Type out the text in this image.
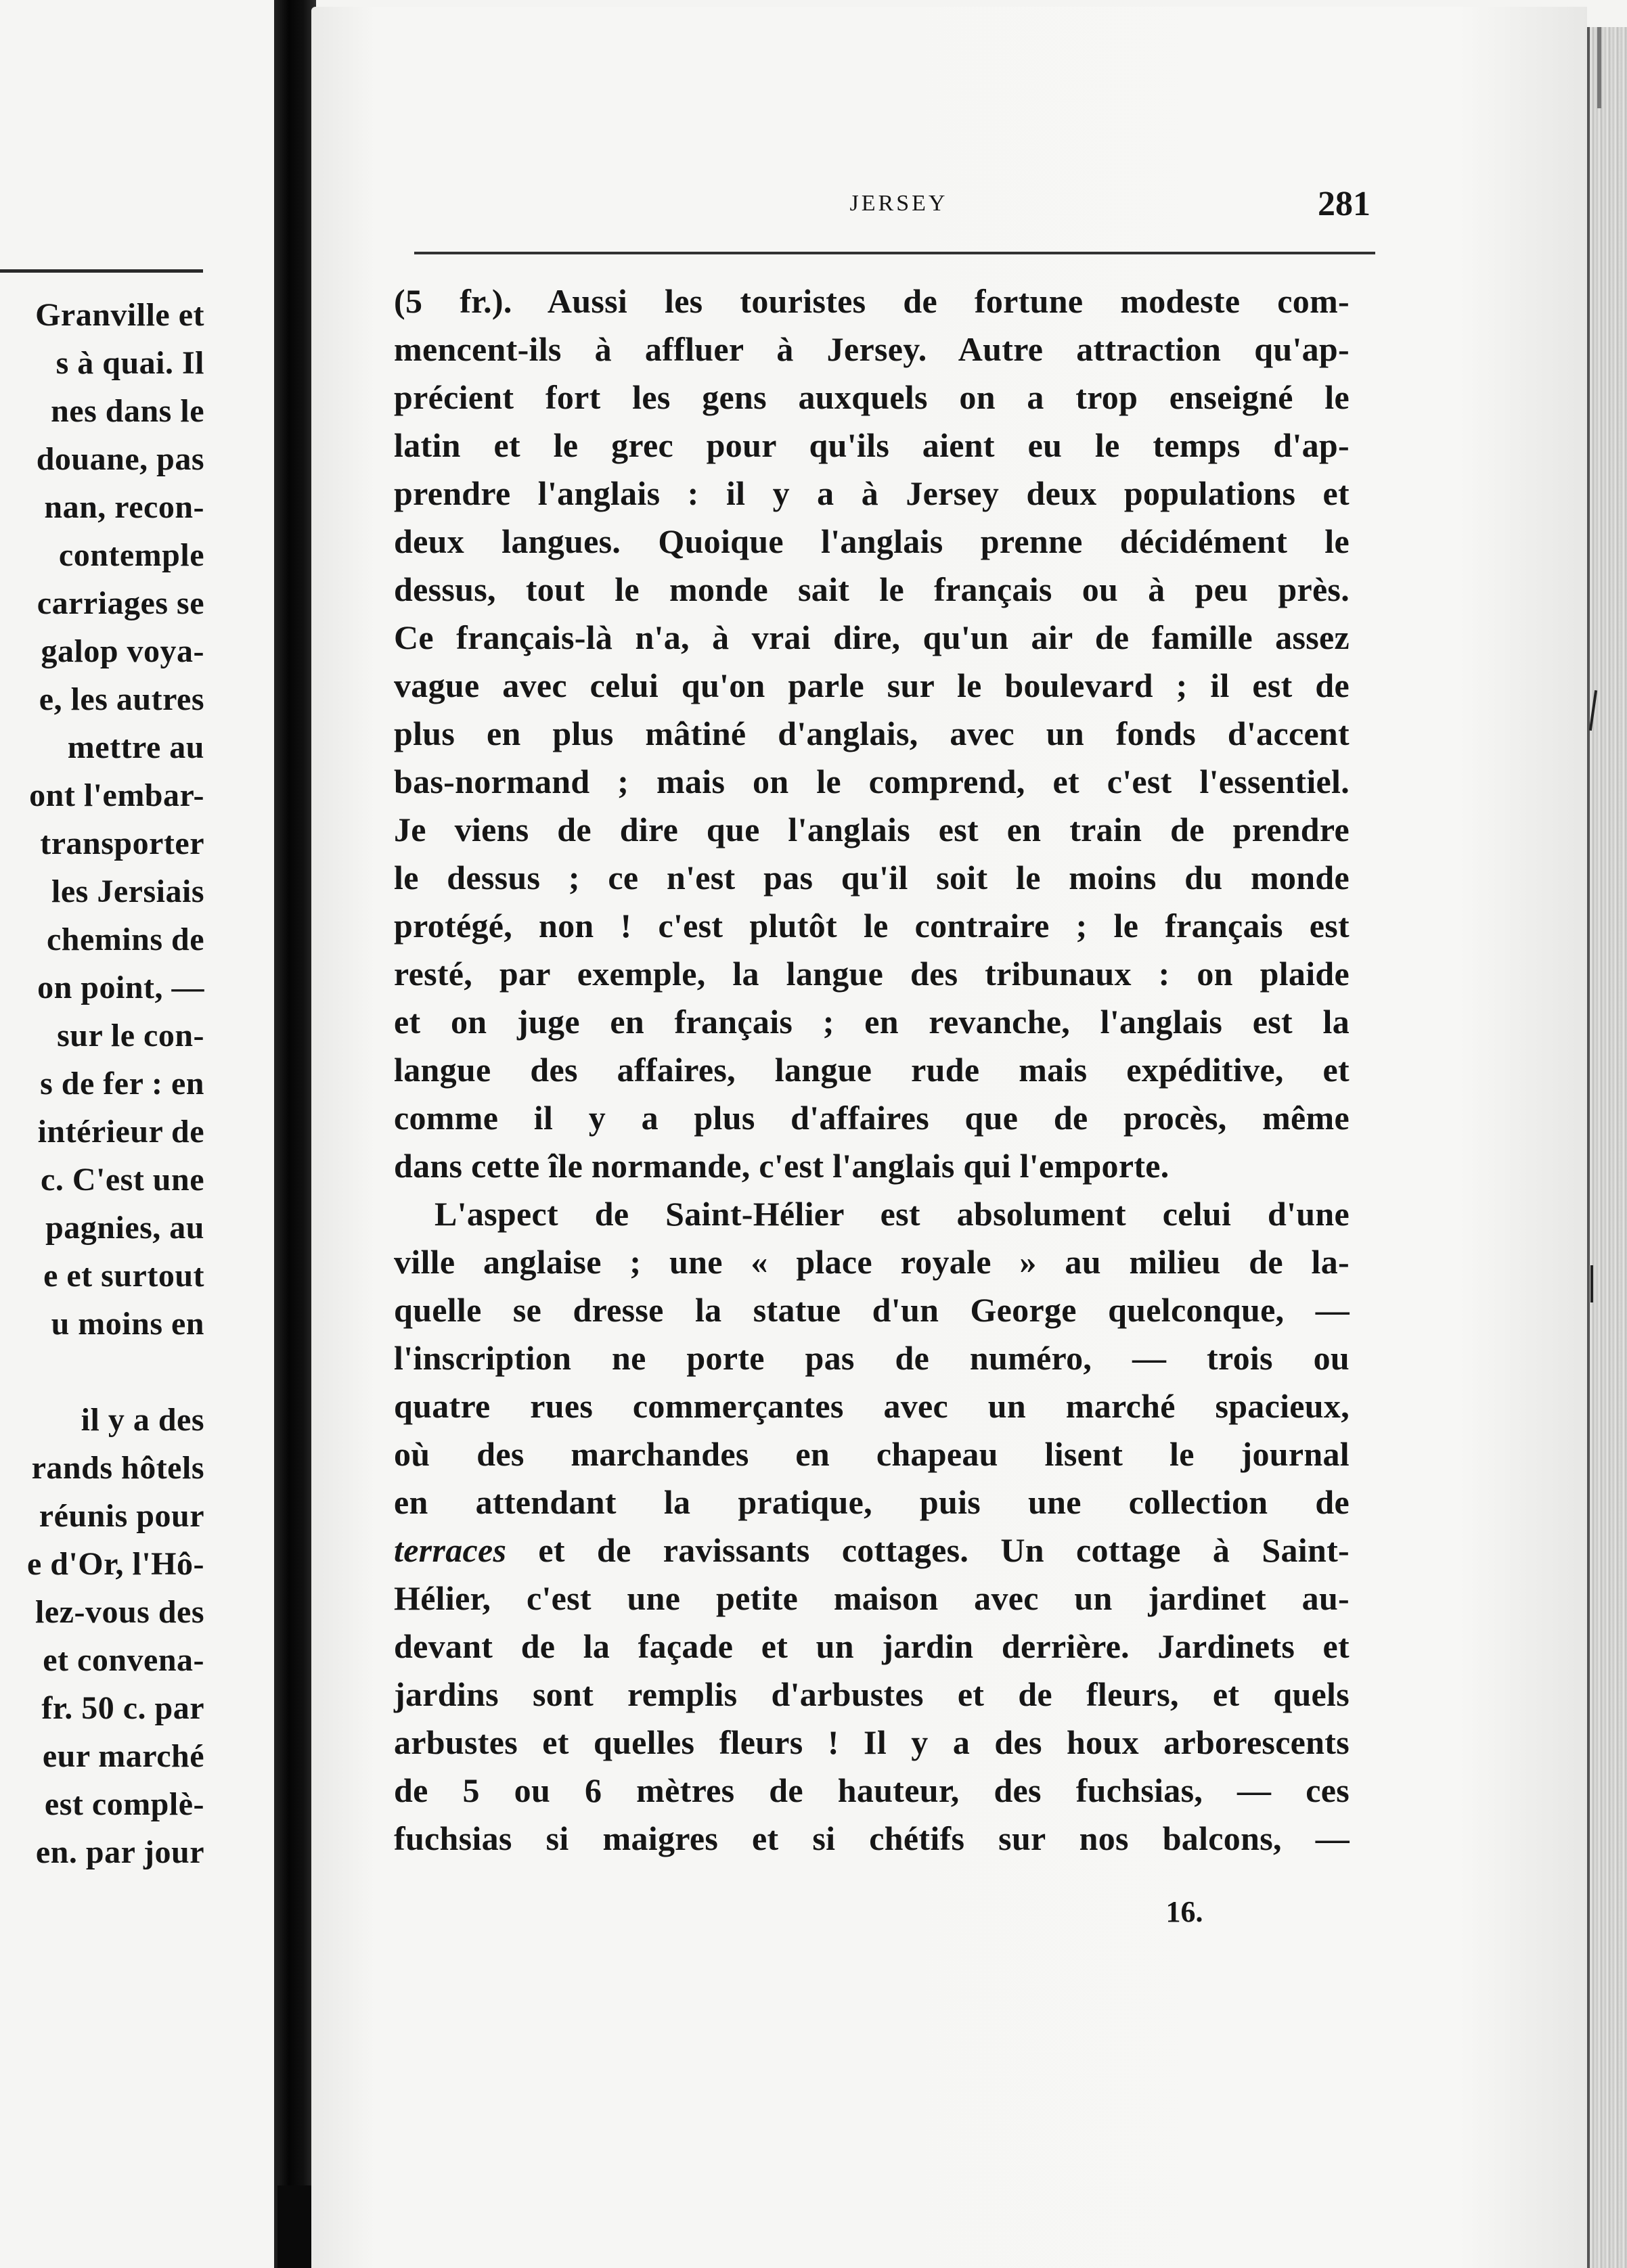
Granville et
s à quai. Il
nes dans le
douane, pas
nan, recon-
contemple
carriages se
galop voya-
e, les autres
mettre au
ont l'embar-
transporter
les Jersiais
chemins de
on point, —
sur le con-
s de fer : en
intérieur de
c. C'est une
pagnies, au
e et surtout
u moins en
il y a des
rands hôtels
réunis pour
e d'Or, l'Hô-
lez-vous des
et convena-
fr. 50 c. par
eur marché
est complè-
en. par jour
JERSEY	281
(5 fr.). Aussi les touristes de fortune modeste com-
mencent-ils à affluer à Jersey. Autre attraction qu'ap-
précient fort les gens auxquels on a trop enseigné le
latin et le grec pour qu'ils aient eu le temps d'ap-
prendre l'anglais : il y a à Jersey deux populations et
deux langues. Quoique l'anglais prenne décidément le
dessus, tout le monde sait le français ou à peu près.
Ce français-là n'a, à vrai dire, qu'un air de famille assez
vague avec celui qu'on parle sur le boulevard ; il est de
plus en plus mâtiné d'anglais, avec un fonds d'accent
bas-normand ; mais on le comprend, et c'est l'essentiel.
Je viens de dire que l'anglais est en train de prendre
le dessus ; ce n'est pas qu'il soit le moins du monde
protégé, non ! c'est plutôt le contraire ; le français est
resté, par exemple, la langue des tribunaux : on plaide
et on juge en français ; en revanche, l'anglais est la
langue des affaires, langue rude mais expéditive, et
comme il y a plus d'affaires que de procès, même
dans cette île normande, c'est l'anglais qui l'emporte.
L'aspect de Saint-Hélier est absolument celui d'une
ville anglaise ; une « place royale » au milieu de la-
quelle se dresse la statue d'un George quelconque, —
l'inscription ne porte pas de numéro, — trois ou
quatre rues commerçantes avec un marché spacieux,
où des marchandes en chapeau lisent le journal
en attendant la pratique, puis une collection de
terraces et de ravissants cottages. Un cottage à Saint-
Hélier, c'est une petite maison avec un jardinet au-
devant de la façade et un jardin derrière. Jardinets et
jardins sont remplis d'arbustes et de fleurs, et quels
arbustes et quelles fleurs ! Il y a des houx arborescents
de 5 ou 6 mètres de hauteur, des fuchsias, — ces
fuchsias si maigres et si chétifs sur nos balcons, —
16.
